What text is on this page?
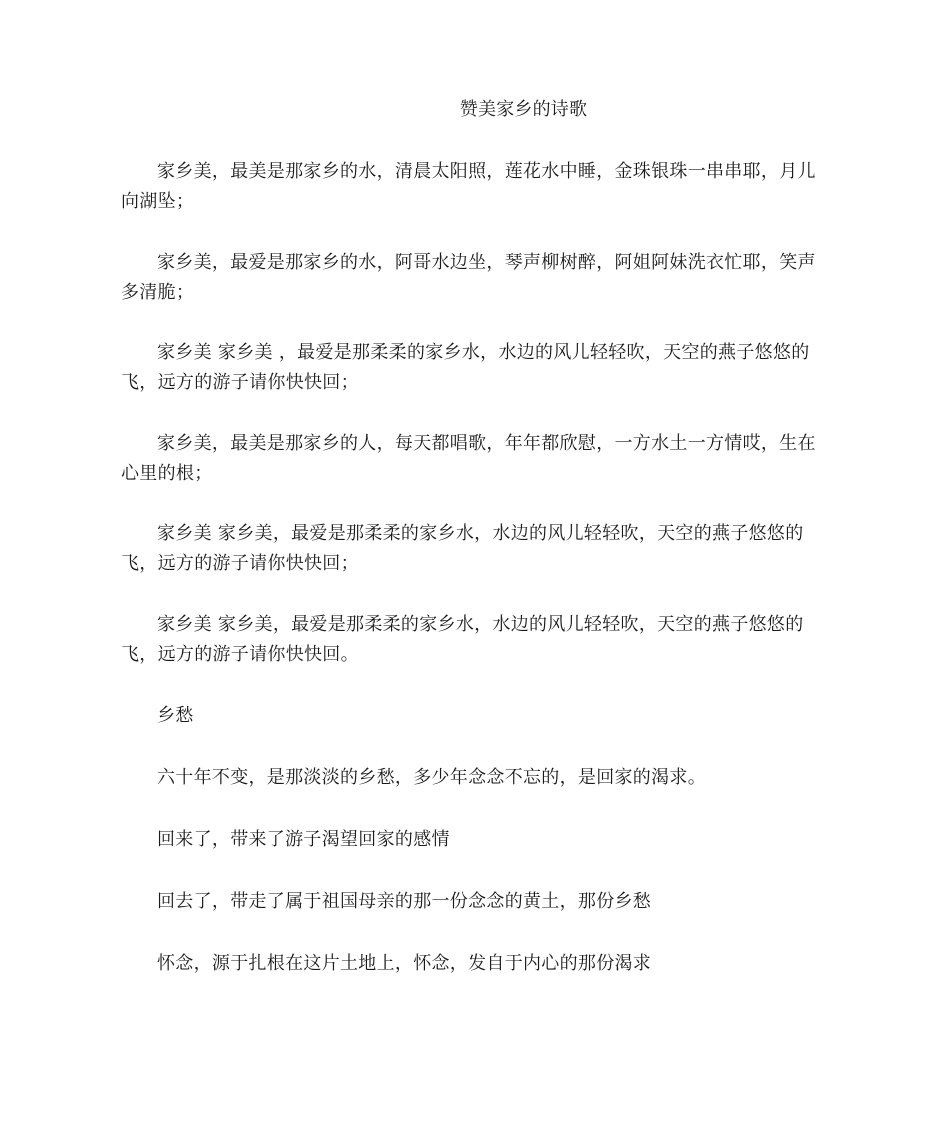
赞美家乡的诗歌

家乡美，最美是那家乡的水，清晨太阳照，莲花水中睡，金珠银珠一串串耶，月儿向湖坠；

家乡美，最爱是那家乡的水，阿哥水边坐，琴声柳树醉，阿姐阿妹洗衣忙耶，笑声多清脆；

家乡美 家乡美 ，最爱是那柔柔的家乡水，水边的风儿轻轻吹，天空的燕子悠悠的飞，远方的游子请你快快回；

家乡美，最美是那家乡的人，每天都唱歌，年年都欣慰，一方水土一方情哎，生在心里的根；

家乡美 家乡美，最爱是那柔柔的家乡水，水边的风儿轻轻吹，天空的燕子悠悠的飞，远方的游子请你快快回；

家乡美 家乡美，最爱是那柔柔的家乡水，水边的风儿轻轻吹，天空的燕子悠悠的飞，远方的游子请你快快回。

乡愁

六十年不变，是那淡淡的乡愁，多少年念念不忘的，是回家的渴求。

回来了，带来了游子渴望回家的感情

回去了，带走了属于祖国母亲的那一份念念的黄土，那份乡愁

怀念，源于扎根在这片土地上，怀念，发自于内心的那份渴求
